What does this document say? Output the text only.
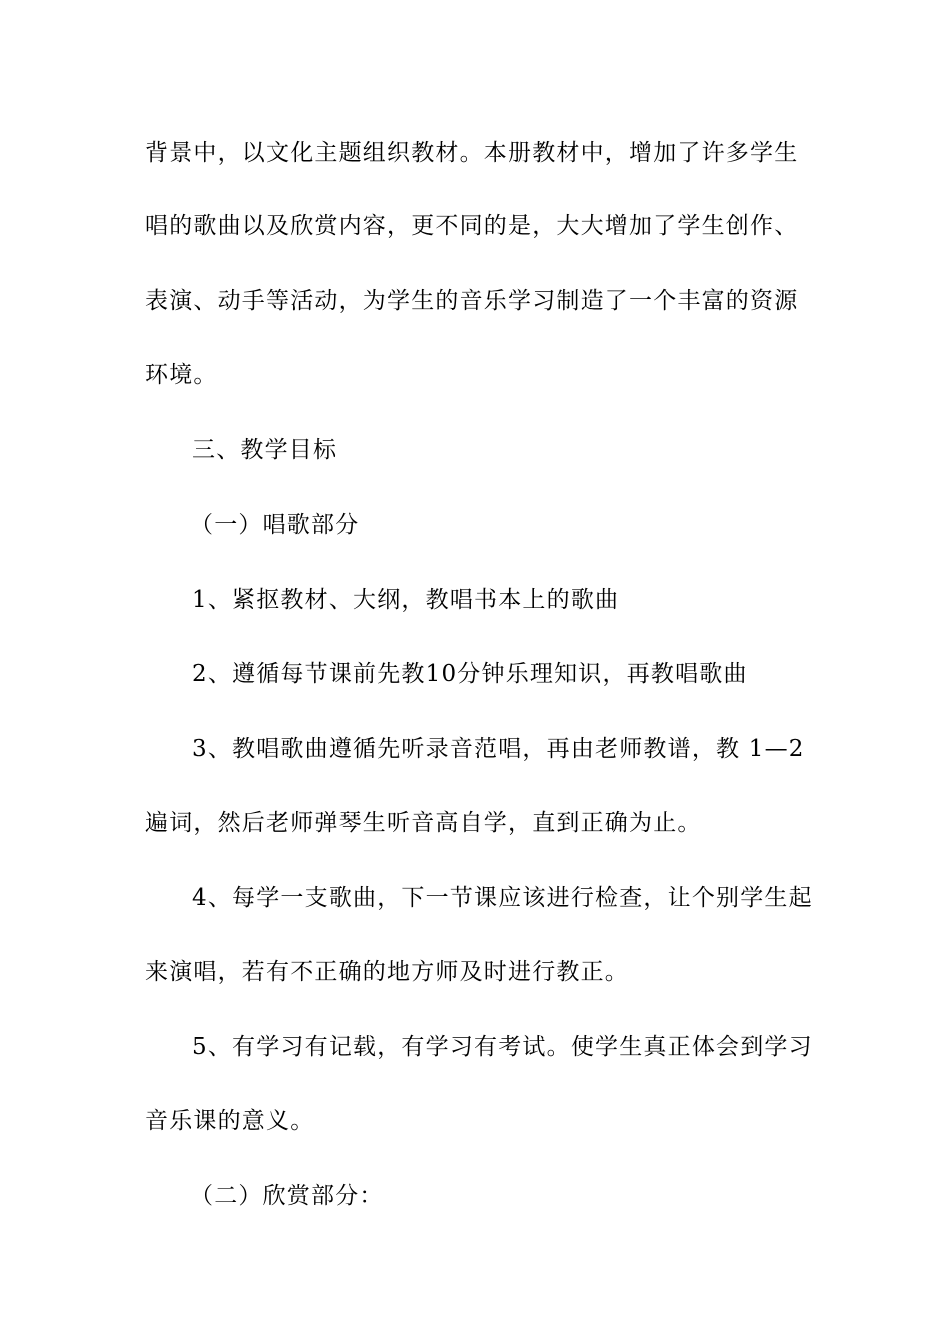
背景中，以文化主题组织教材。本册教材中，增加了许多学生
唱的歌曲以及欣赏内容，更不同的是，大大增加了学生创作、
表演、动手等活动，为学生的音乐学习制造了一个丰富的资源
环境。
三、教学目标
（一）唱歌部分
1、紧抠教材、大纲，教唱书本上的歌曲
2、遵循每节课前先教10分钟乐理知识，再教唱歌曲
3、教唱歌曲遵循先听录音范唱，再由老师教谱，教 1—2
遍词，然后老师弹琴生听音高自学，直到正确为止。
4、每学一支歌曲，下一节课应该进行检查，让个别学生起
来演唱，若有不正确的地方师及时进行教正。
5、有学习有记载，有学习有考试。使学生真正体会到学习
音乐课的意义。
（二）欣赏部分：
